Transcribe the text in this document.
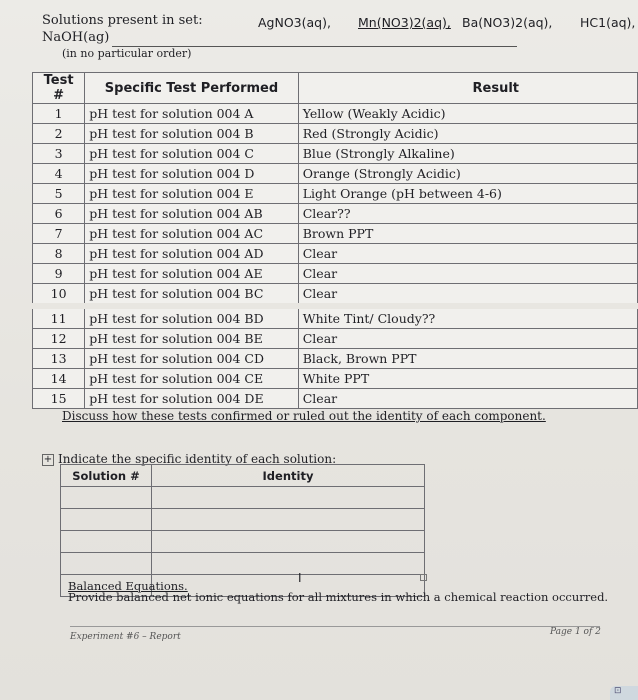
Solutions present in set:	AgNO3(aq), Mn(NO3)2(aq), Ba(NO3)2(aq), HC1(aq),
NaOH(ag)
(in no particular order)
Test #	Specific Test Performed	Result
1	pH test for solution 004 A	Yellow (Weakly Acidic)
2	pH test for solution 004 B	Red (Strongly Acidic)
3	pH test for solution 004 C	Blue (Strongly Alkaline)
4	pH test for solution 004 D	Orange (Strongly Acidic)
5	pH test for solution 004 E	Light Orange (pH between 4-6)
6	pH test for solution 004 AB	Clear??
7	pH test for solution 004 AC	Brown PPT
8	pH test for solution 004 AD	Clear
9	pH test for solution 004 AE	Clear
10	pH test for solution 004 BC	Clear
11	pH test for solution 004 BD	White Tint/ Cloudy??
12	pH test for solution 004 BE	Clear
13	pH test for solution 004 CD	Black, Brown PPT
14	pH test for solution 004 CE	White PPT
15	pH test for solution 004 DE	Clear
Discuss how these tests confirmed or ruled out the identity of each component.
+ Indicate the specific identity of each solution:
Solution #	Identity

I
Balanced Equations.
Provide balanced net ionic equations for all mixtures in which a chemical reaction occurred.
Experiment #6 – Report	Page 1 of 2
⊡
